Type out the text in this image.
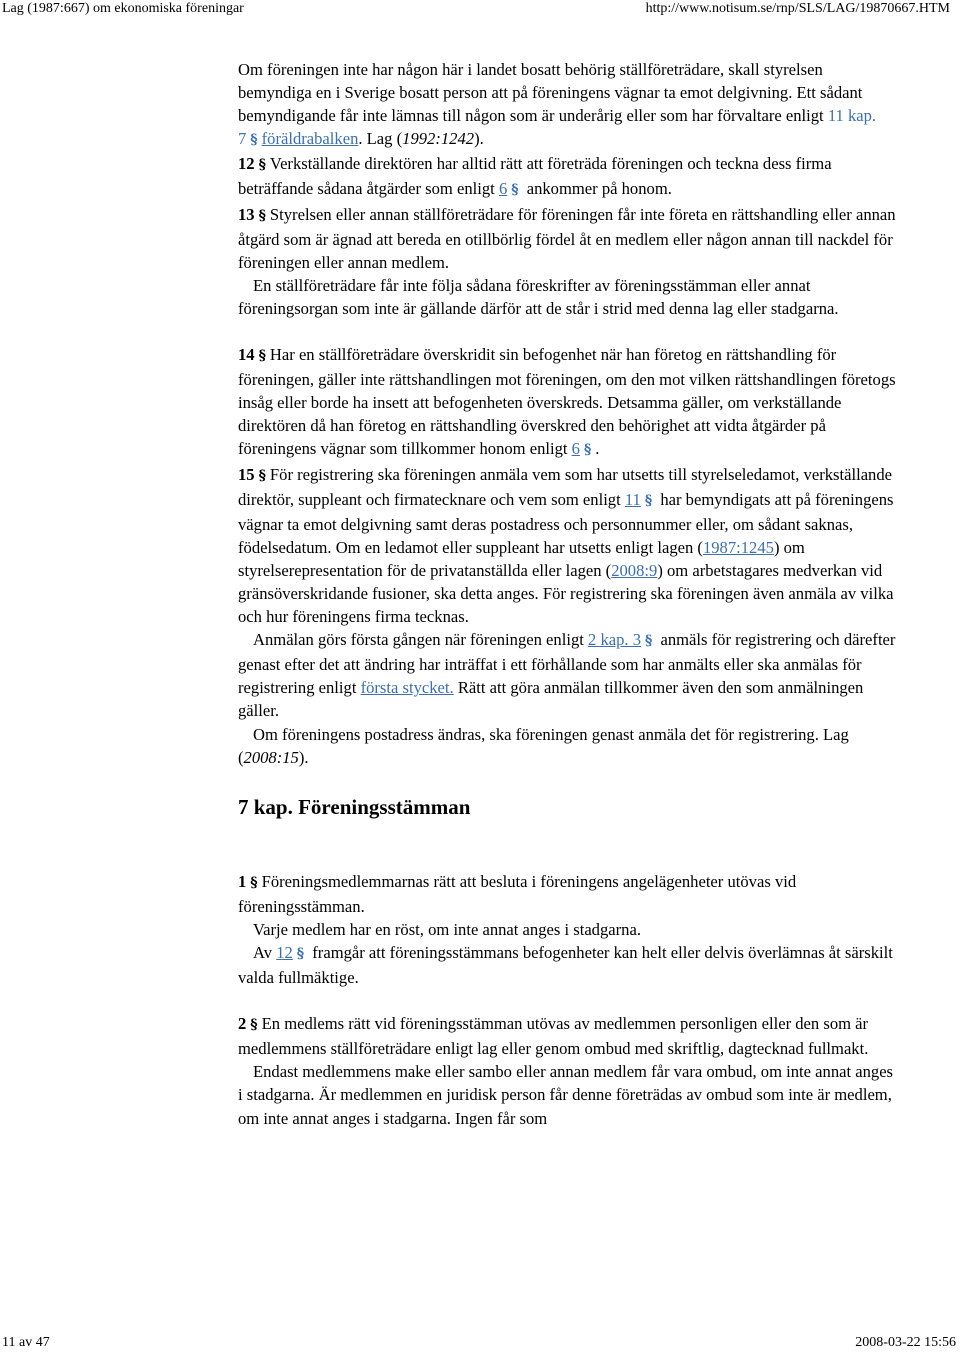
Lag (1987:667) om ekonomiska föreningar	http://www.notisum.se/rnp/SLS/LAG/19870667.HTM

Om föreningen inte har någon här i landet bosatt behörig ställföreträdare, skall styrelsen bemyndiga en i Sverige bosatt person att på föreningens vägnar ta emot delgivning. Ett sådant bemyndigande får inte lämnas till någon som är underårig eller som har förvaltare enligt 11 kap. 7 § föräldrabalken. Lag (1992:1242).

12 § Verkställande direktören har alltid rätt att företräda föreningen och teckna dess firma beträffande sådana åtgärder som enligt 6 § ankommer på honom.

13 § Styrelsen eller annan ställföreträdare för föreningen får inte företa en rättshandling eller annan åtgärd som är ägnad att bereda en otillbörlig fördel åt en medlem eller någon annan till nackdel för föreningen eller annan medlem.

En ställföreträdare får inte följa sådana föreskrifter av föreningsstämman eller annat föreningsorgan som inte är gällande därför att de står i strid med denna lag eller stadgarna.

14 § Har en ställföreträdare överskridit sin befogenhet när han företog en rättshandling för föreningen, gäller inte rättshandlingen mot föreningen, om den mot vilken rättshandlingen företogs insåg eller borde ha insett att befogenheten överskreds. Detsamma gäller, om verkställande direktören då han företog en rättshandling överskred den behörighet att vidta åtgärder på föreningens vägnar som tillkommer honom enligt 6 § .

15 § För registrering ska föreningen anmäla vem som har utsetts till styrelseledamot, verkställande direktör, suppleant och firmatecknare och vem som enligt 11 § har bemyndigats att på föreningens vägnar ta emot delgivning samt deras postadress och personnummer eller, om sådant saknas, födelsedatum. Om en ledamot eller suppleant har utsetts enligt lagen (1987:1245) om styrelserepresentation för de privatanställda eller lagen (2008:9) om arbetstagares medverkan vid gränsöverskridande fusioner, ska detta anges. För registrering ska föreningen även anmäla av vilka och hur föreningens firma tecknas.

Anmälan görs första gången när föreningen enligt 2 kap. 3 § anmäls för registrering och därefter genast efter det att ändring har inträffat i ett förhållande som har anmälts eller ska anmälas för registrering enligt första stycket. Rätt att göra anmälan tillkommer även den som anmälningen gäller.

Om föreningens postadress ändras, ska föreningen genast anmäla det för registrering. Lag (2008:15).

7 kap. Föreningsstämman

1 § Föreningsmedlemmarnas rätt att besluta i föreningens angelägenheter utövas vid föreningsstämman.

Varje medlem har en röst, om inte annat anges i stadgarna.

Av 12 § framgår att föreningsstämmans befogenheter kan helt eller delvis överlämnas åt särskilt valda fullmäktige.

2 § En medlems rätt vid föreningsstämman utövas av medlemmen personligen eller den som är medlemmens ställföreträdare enligt lag eller genom ombud med skriftlig, dagtecknad fullmakt.

Endast medlemmens make eller sambo eller annan medlem får vara ombud, om inte annat anges i stadgarna. Är medlemmen en juridisk person får denne företrädas av ombud som inte är medlem, om inte annat anges i stadgarna. Ingen får som

11 av 47	2008-03-22 15:56
